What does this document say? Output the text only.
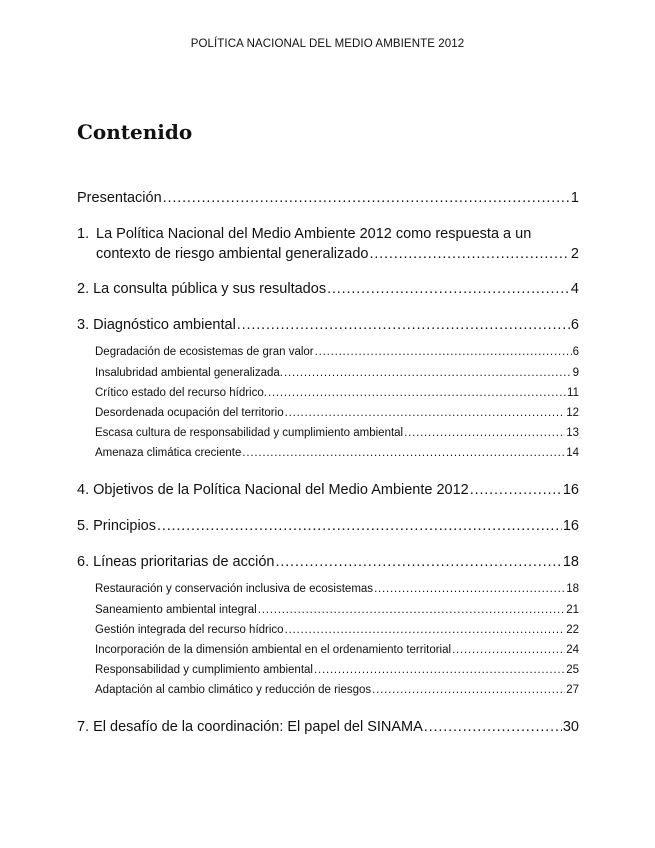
POLÍTICA NACIONAL DEL MEDIO AMBIENTE 2012
Contenido
Presentación . . .	1
1. La Política Nacional del Medio Ambiente 2012 como respuesta a un
contexto de riesgo ambiental generalizado . . .	2
2. La consulta pública y sus resultados . . .	4
3. Diagnóstico ambiental . . .	6
Degradación de ecosistemas de gran valor . . .	6
Insalubridad ambiental generalizada. . . .	9
Crítico estado del recurso hídrico. . . .	11
Desordenada ocupación del territorio . . .	12
Escasa cultura de responsabilidad y cumplimiento ambiental . . .	13
Amenaza climática creciente . . .	14
4. Objetivos de la Política Nacional del Medio Ambiente 2012 . . .	16
5. Principios . . .	16
6. Líneas prioritarias de acción . . .	18
Restauración y conservación inclusiva de ecosistemas . . .	18
Saneamiento ambiental integral . . .	21
Gestión integrada del recurso hídrico . . .	22
Incorporación de la dimensión ambiental en el ordenamiento territorial . . .	24
Responsabilidad y cumplimiento ambiental . . .	25
Adaptación al cambio climático y reducción de riesgos . . .	27
7. El desafío de la coordinación: El papel del SINAMA . . .	30
